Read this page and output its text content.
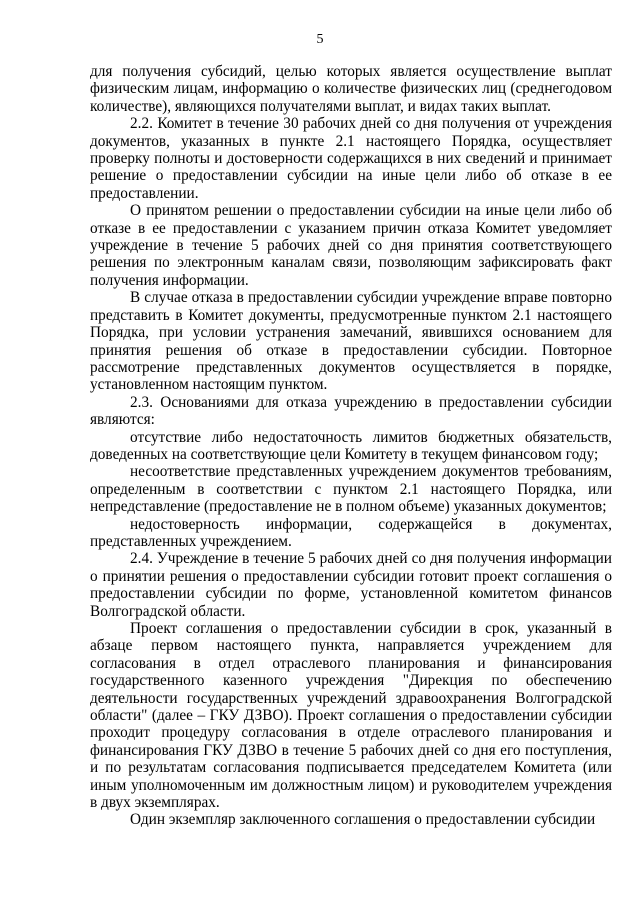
5

для получения субсидий, целью которых является осуществление выплат физическим лицам, информацию о количестве физических лиц (среднегодовом количестве), являющихся получателями выплат, и видах таких выплат.

2.2. Комитет в течение 30 рабочих дней со дня получения от учреждения документов, указанных в пункте 2.1 настоящего Порядка, осуществляет проверку полноты и достоверности содержащихся в них сведений и принимает решение о предоставлении субсидии на иные цели либо об отказе в ее предоставлении.

О принятом решении о предоставлении субсидии на иные цели либо об отказе в ее предоставлении с указанием причин отказа Комитет уведомляет учреждение в течение 5 рабочих дней со дня принятия соответствующего решения по электронным каналам связи, позволяющим зафиксировать факт получения информации.

В случае отказа в предоставлении субсидии учреждение вправе повторно представить в Комитет документы, предусмотренные пунктом 2.1 настоящего Порядка, при условии устранения замечаний, явившихся основанием для принятия решения об отказе в предоставлении субсидии. Повторное рассмотрение представленных документов осуществляется в порядке, установленном настоящим пунктом.

2.3. Основаниями для отказа учреждению в предоставлении субсидии являются:

отсутствие либо недостаточность лимитов бюджетных обязательств, доведенных на соответствующие цели Комитету в текущем финансовом году;

несоответствие представленных учреждением документов требованиям, определенным в соответствии с пунктом 2.1 настоящего Порядка, или непредставление (предоставление не в полном объеме) указанных документов;

недостоверность информации, содержащейся в документах, представленных учреждением.

2.4. Учреждение в течение 5 рабочих дней со дня получения информации о принятии решения о предоставлении субсидии готовит проект соглашения о предоставлении субсидии по форме, установленной комитетом финансов Волгоградской области.

Проект соглашения о предоставлении субсидии в срок, указанный в абзаце первом настоящего пункта, направляется учреждением для согласования в отдел отраслевого планирования и финансирования государственного казенного учреждения "Дирекция по обеспечению деятельности государственных учреждений здравоохранения Волгоградской области" (далее – ГКУ ДЗВО). Проект соглашения о предоставлении субсидии проходит процедуру согласования в отделе отраслевого планирования и финансирования ГКУ ДЗВО в течение 5 рабочих дней со дня его поступления, и по результатам согласования подписывается председателем Комитета (или иным уполномоченным им должностным лицом) и руководителем учреждения в двух экземплярах.

Один экземпляр заключенного соглашения о предоставлении субсидии
